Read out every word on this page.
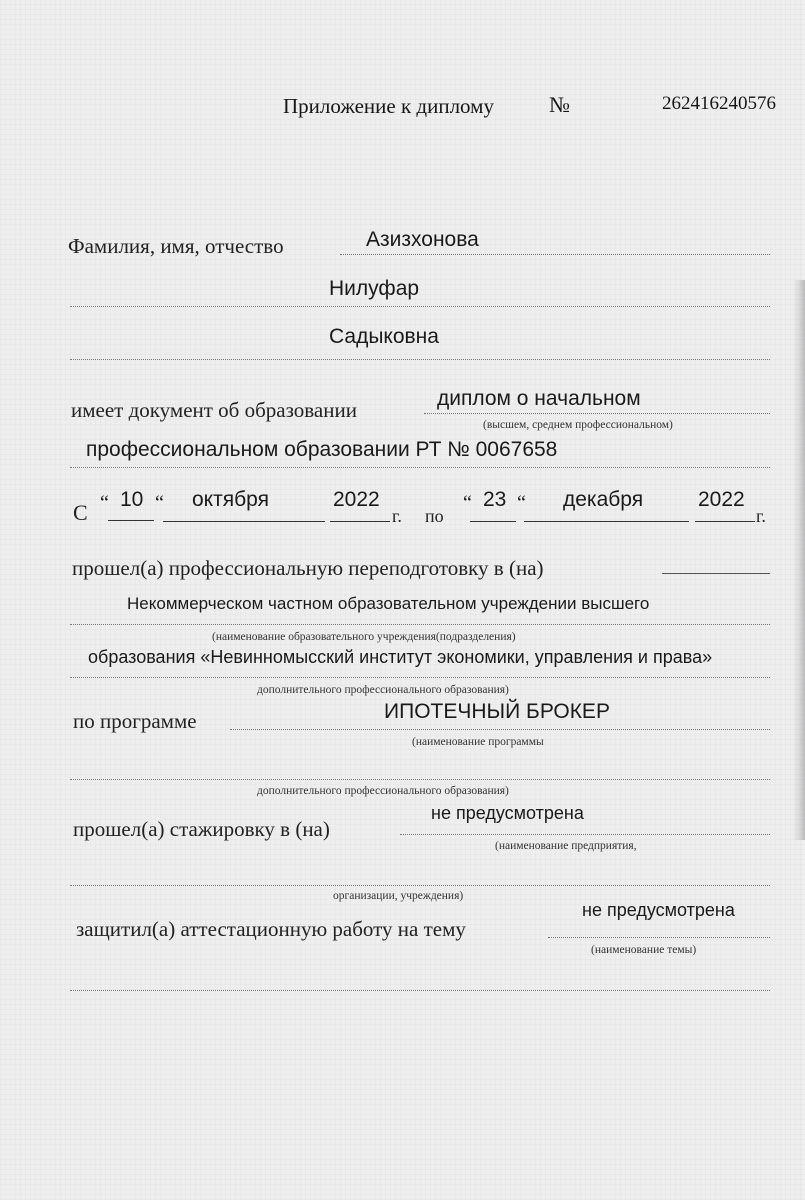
Приложение к диплому	№	262416240576
Фамилия, имя, отчество	Азизхонова
Нилуфар
Садыковна
имеет документ об образовании	диплом о начальном
(высшем, среднем профессиональном)
профессиональном образовании РТ № 0067658
С “ 10 “ октября	2022
г. по
“ 23 “ декабря	2022
г.
прошел(а) профессиональную переподготовку в (на)
Некоммерческом частном образовательном учреждении высшего
(наименование образовательного учреждения(подразделения)
образования «Невинномысский институт экономики, управления и права»
дополнительного профессионального образования)
по программе	ИПОТЕЧНЫЙ БРОКЕР
(наименование программы
дополнительного профессионального образования)
прошел(а) стажировку в (на)
не предусмотрена
(наименование предприятия,
организации, учреждения)
защитил(а) аттестационную работу на тему
не предусмотрена
(наименование темы)
